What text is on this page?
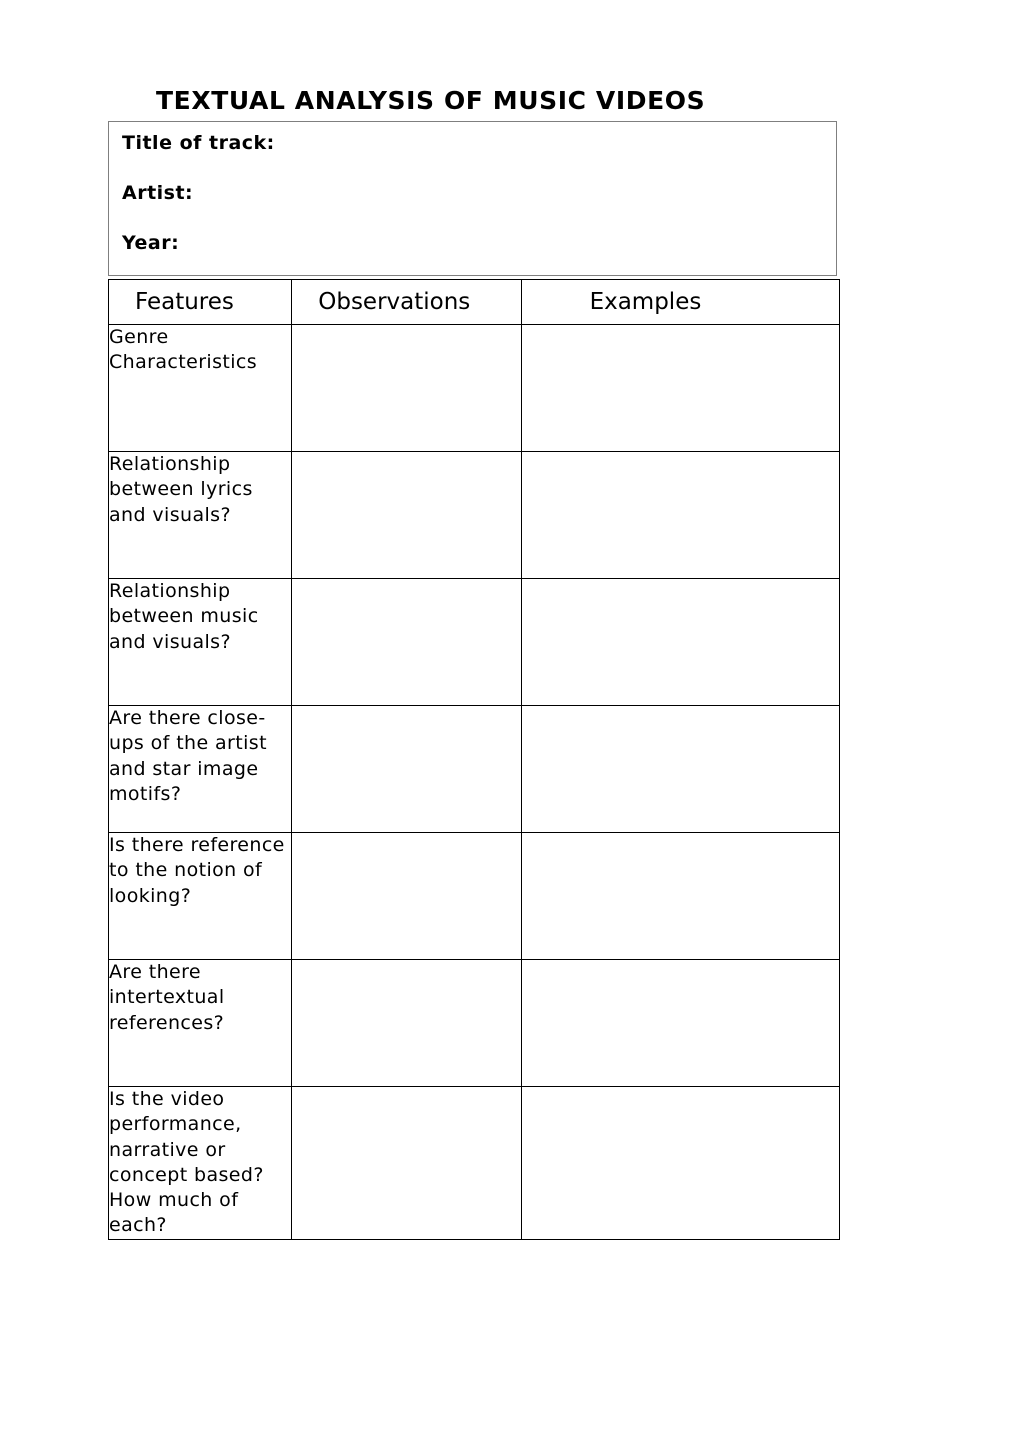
TEXTUAL ANALYSIS OF MUSIC VIDEOS
Title of track:
Artist:
Year:
Features	Observations	Examples
Genre Characteristics		
Relationship between lyrics and visuals?		
Relationship between music and visuals?		
Are there close-ups of the artist and star image motifs?		
Is there reference to the notion of looking?		
Are there intertextual references?		
Is the video performance, narrative or concept based? How much of each?		
